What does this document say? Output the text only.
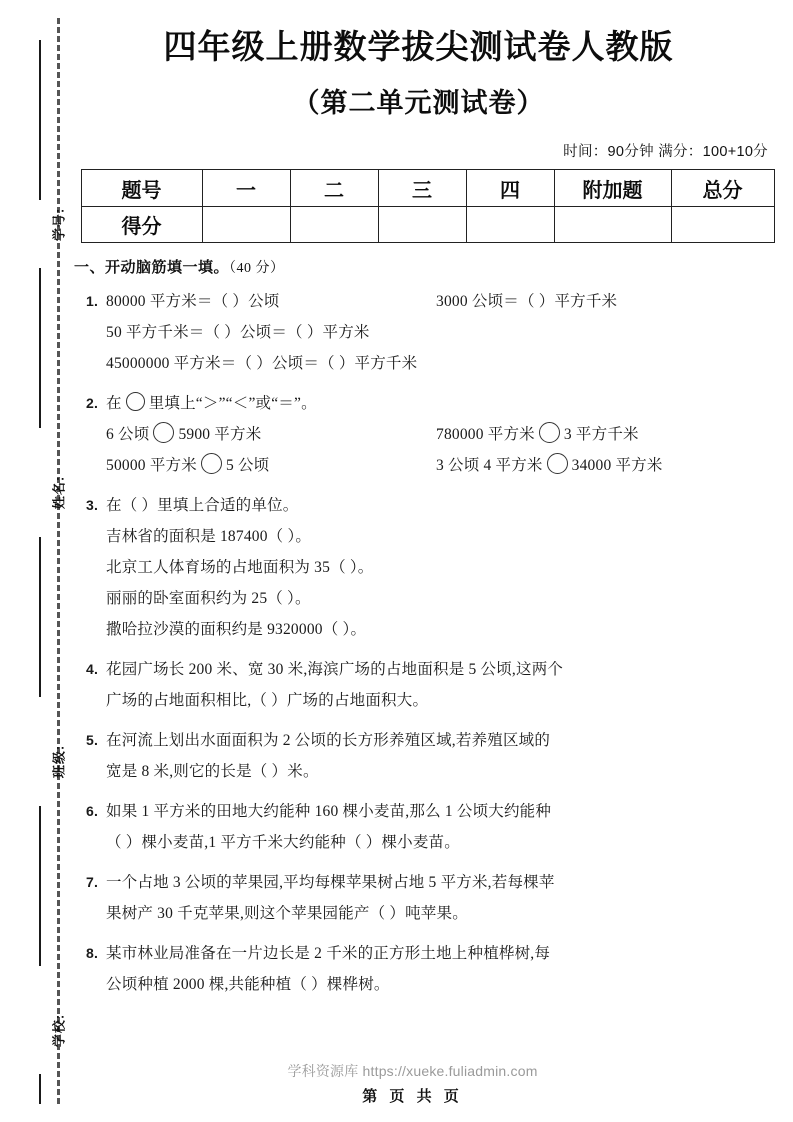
学号:
姓名:
班级:
学校:
四年级上册数学拔尖测试卷人教版
（第二单元测试卷）
时间：90分钟 满分：100+10分
题号	一	二	三	四	附加题	总分
得分						
一、开动脑筋填一填。（40 分）
1. 80000 平方米＝（ ）公顷	3000 公顷＝（ ）平方千米
50 平方千米＝（ ）公顷＝（ ）平方米
45000000 平方米＝（ ）公顷＝（ ）平方千米
2. 在 里填上“＞”“＜”或“＝”。
6 公顷 5900 平方米	780000 平方米 3 平方千米
50000 平方米 5 公顷	3 公顷 4 平方米 34000 平方米
3. 在（ ）里填上合适的单位。
吉林省的面积是 187400（ ）。
北京工人体育场的占地面积为 35（ ）。
丽丽的卧室面积约为 25（ ）。
撒哈拉沙漠的面积约是 9320000（ ）。
4. 花园广场长 200 米、宽 30 米,海滨广场的占地面积是 5 公顷,这两个
广场的占地面积相比,（ ）广场的占地面积大。
5. 在河流上划出水面面积为 2 公顷的长方形养殖区域,若养殖区域的
宽是 8 米,则它的长是（ ）米。
6. 如果 1 平方米的田地大约能种 160 棵小麦苗,那么 1 公顷大约能种
（ ）棵小麦苗,1 平方千米大约能种（ ）棵小麦苗。
7. 一个占地 3 公顷的苹果园,平均每棵苹果树占地 5 平方米,若每棵苹
果树产 30 千克苹果,则这个苹果园能产（ ）吨苹果。
8. 某市林业局准备在一片边长是 2 千米的正方形土地上种植桦树,每
公顷种植 2000 棵,共能种植（ ）棵桦树。
学科资源库 https://xueke.fuliadmin.com
第 页 共 页
